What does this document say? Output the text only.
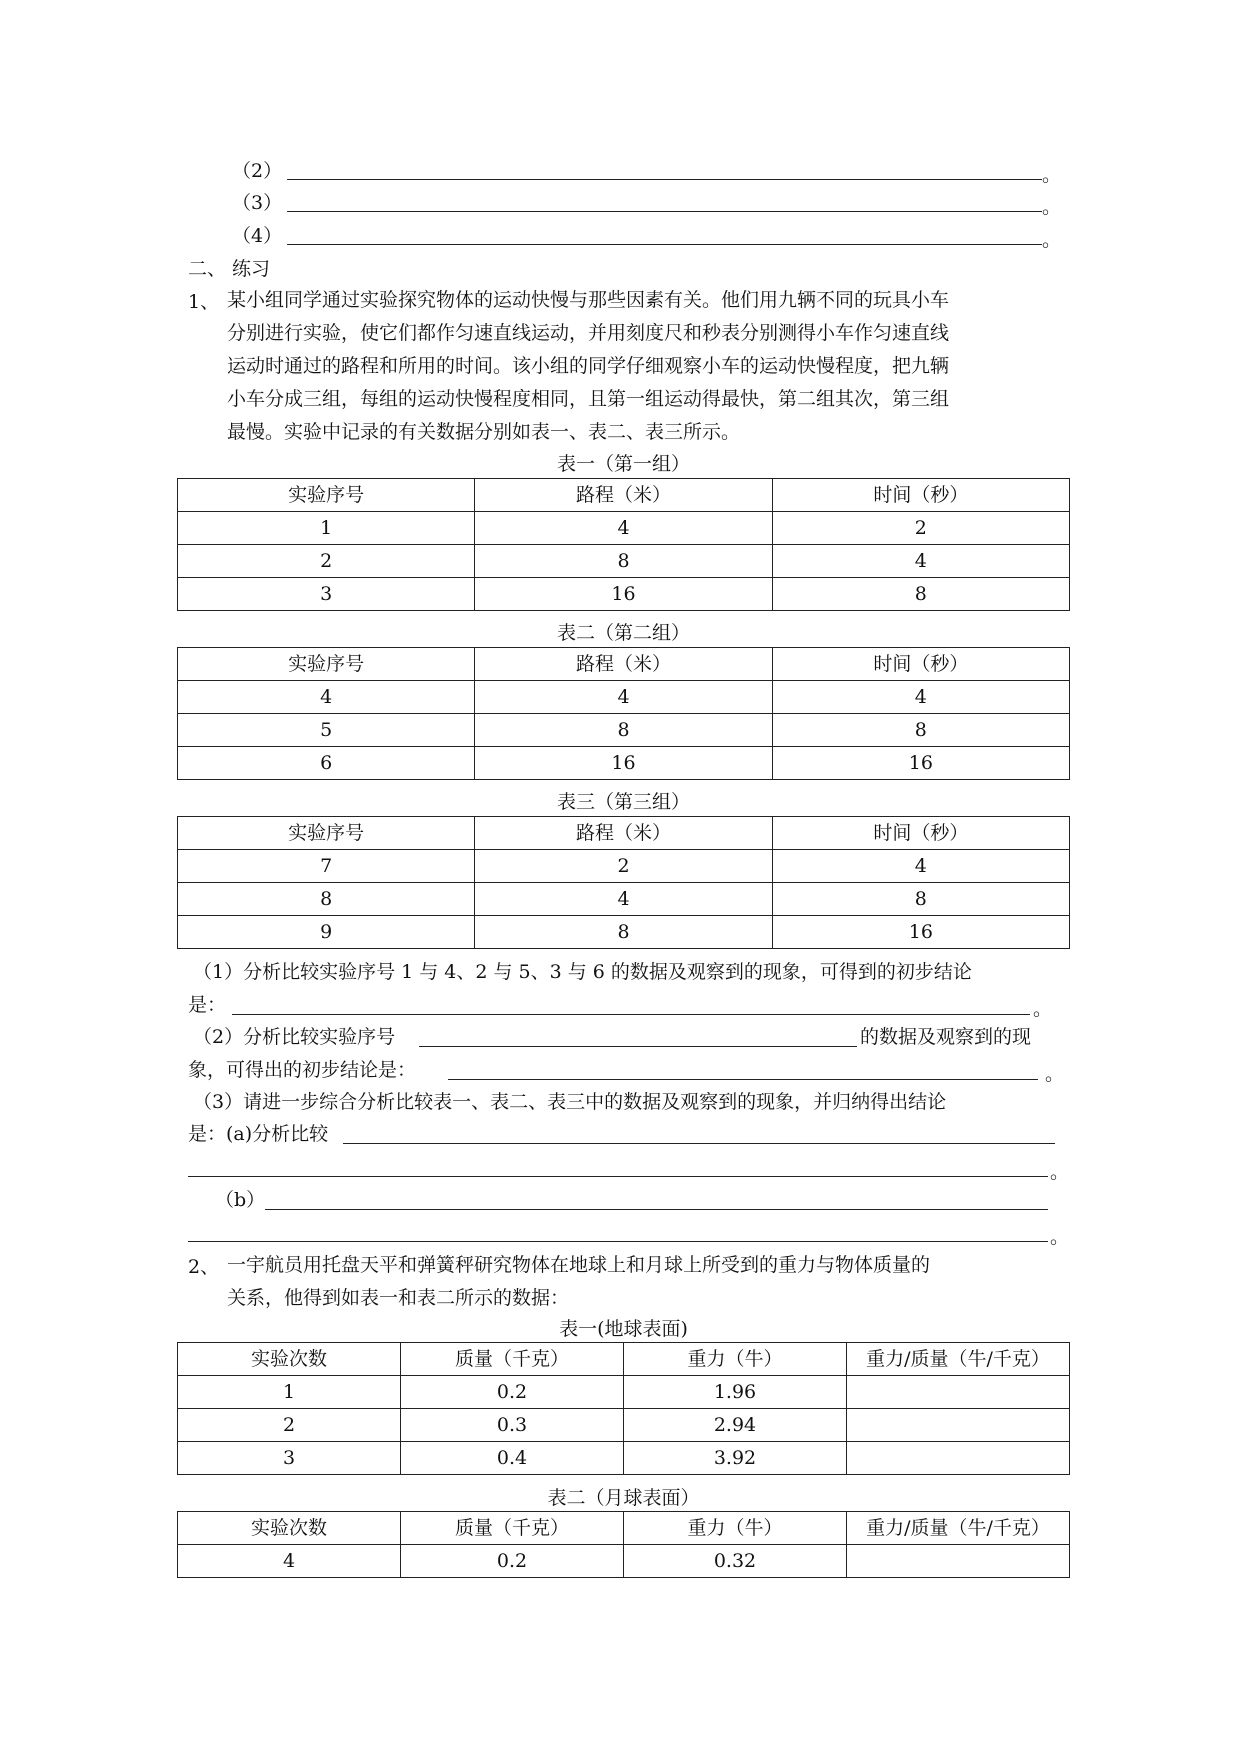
（2）	。
（3）	。
（4）	。
二、 练习
1、 某小组同学通过实验探究物体的运动快慢与那些因素有关。他们用九辆不同的玩具小车
分别进行实验，使它们都作匀速直线运动，并用刻度尺和秒表分别测得小车作匀速直线
运动时通过的路程和所用的时间。该小组的同学仔细观察小车的运动快慢程度，把九辆
小车分成三组，每组的运动快慢程度相同，且第一组运动得最快，第二组其次，第三组
最慢。实验中记录的有关数据分别如表一、表二、表三所示。
表一（第一组）
实验序号	路程（米）	时间（秒）
1	4	2
2	8	4
3	16	8
表二（第二组）
实验序号	路程（米）	时间（秒）
4	4	4
5	8	8
6	16	16
表三（第三组）
实验序号	路程（米）	时间（秒）
7	2	4
8	4	8
9	8	16
（1）分析比较实验序号 1 与 4、2 与 5、3 与 6 的数据及观察到的现象，可得到的初步结论
是：	。
（2）分析比较实验序号	的数据及观察到的现
象，可得出的初步结论是：	。
（3）请进一步综合分析比较表一、表二、表三中的数据及观察到的现象，并归纳得出结论
是：(a)分析比较
。
（b）
。
2、 一宇航员用托盘天平和弹簧秤研究物体在地球上和月球上所受到的重力与物体质量的
关系，他得到如表一和表二所示的数据：
表一(地球表面)
实验次数	质量（千克）	重力（牛）	重力/质量（牛/千克）
1	0.2	1.96	
2	0.3	2.94	
3	0.4	3.92	
表二（月球表面）
实验次数	质量（千克）	重力（牛）	重力/质量（牛/千克）
4	0.2	0.32	
